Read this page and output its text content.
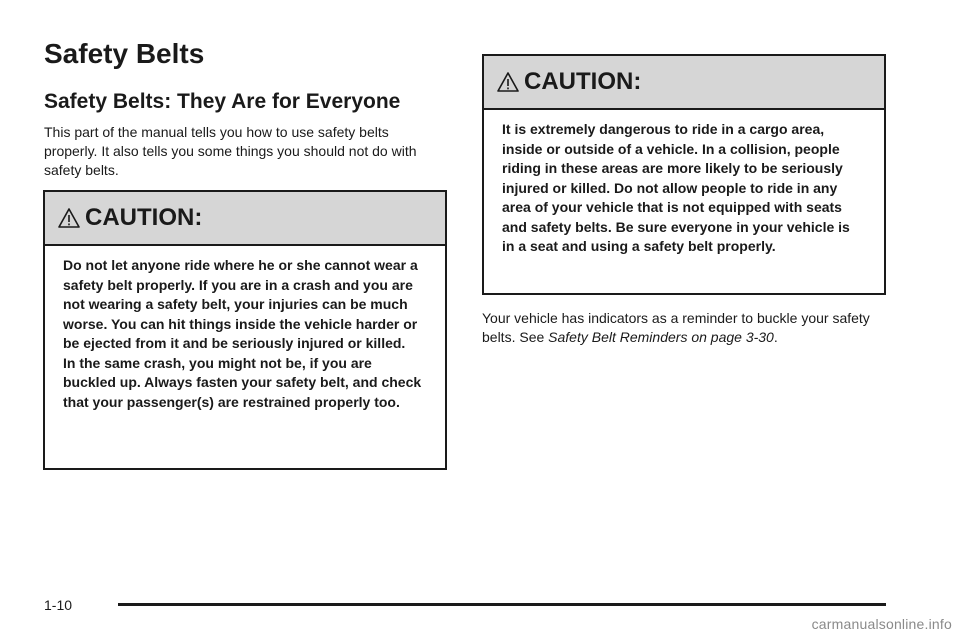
Safety Belts
Safety Belts: They Are for Everyone

This part of the manual tells you how to use safety belts properly. It also tells you some things you should not do with safety belts.

CAUTION:

Do not let anyone ride where he or she cannot wear a safety belt properly. If you are in a crash and you are not wearing a safety belt, your injuries can be much worse. You can hit things inside the vehicle harder or be ejected from it and be seriously injured or killed.

In the same crash, you might not be, if you are buckled up. Always fasten your safety belt, and check that your passenger(s) are restrained properly too.

CAUTION:

It is extremely dangerous to ride in a cargo area, inside or outside of a vehicle. In a collision, people riding in these areas are more likely to be seriously injured or killed. Do not allow people to ride in any area of your vehicle that is not equipped with seats and safety belts. Be sure everyone in your vehicle is in a seat and using a safety belt properly.

Your vehicle has indicators as a reminder to buckle your safety belts. See Safety Belt Reminders on page 3-30.

1-10
carmanualsonline.info
